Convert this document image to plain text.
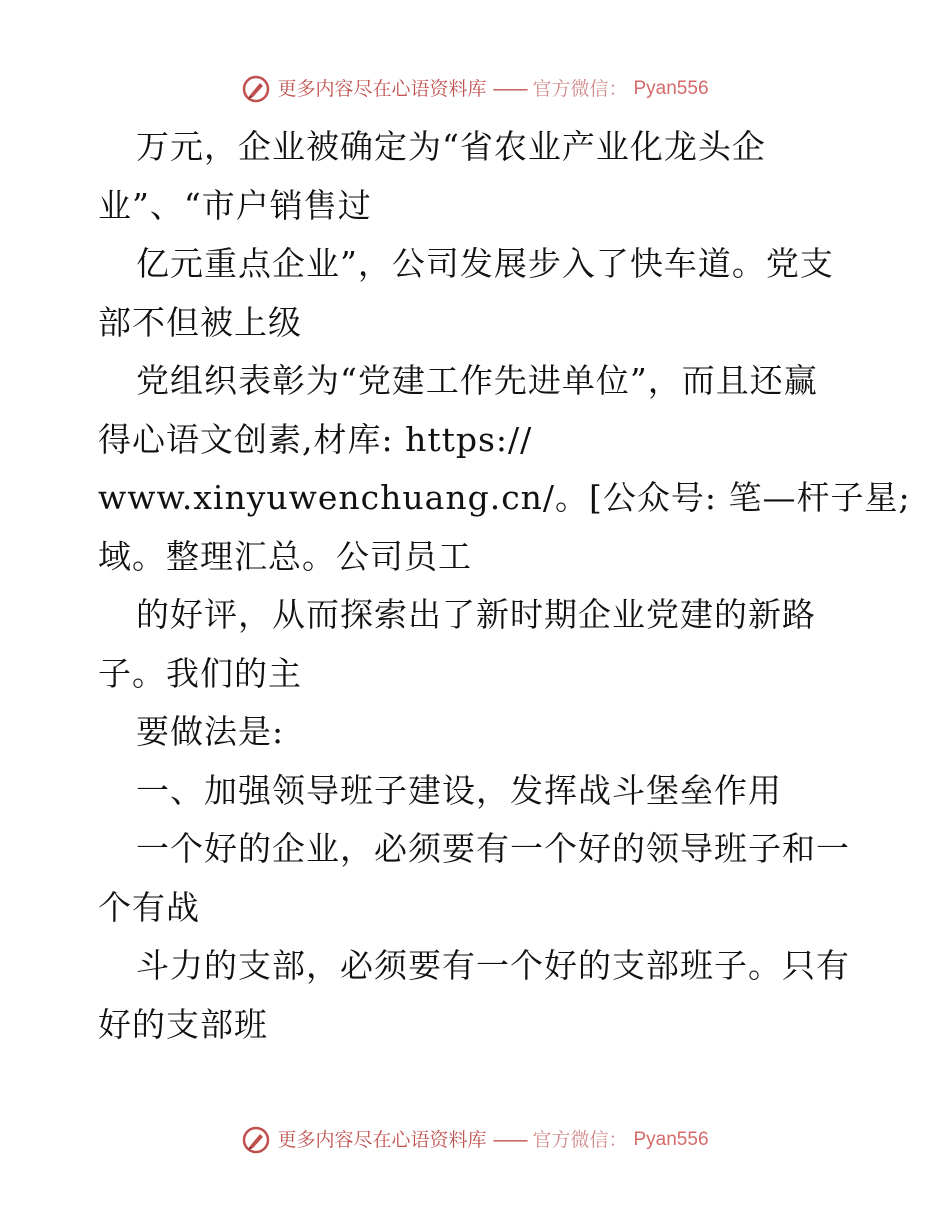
更多内容尽在心语资料库 —— 官方微信： Pyan556
万元，企业被确定为“省农业产业化龙头企
业”、“市户销售过
亿元重点企业”，公司发展步入了快车道。党支
部不但被上级
党组织表彰为“党建工作先进单位”，而且还赢
得心语文创素,材库: https://
www.xinyuwenchuang.cn/。[公众号: 笔—杆子星;
域。整理汇总。公司员工
的好评，从而探索出了新时期企业党建的新路
子。我们的主
要做法是:
一、加强领导班子建设，发挥战斗堡垒作用
一个好的企业，必须要有一个好的领导班子和一
个有战
斗力的支部，必须要有一个好的支部班子。只有
好的支部班
更多内容尽在心语资料库 —— 官方微信： Pyan556
